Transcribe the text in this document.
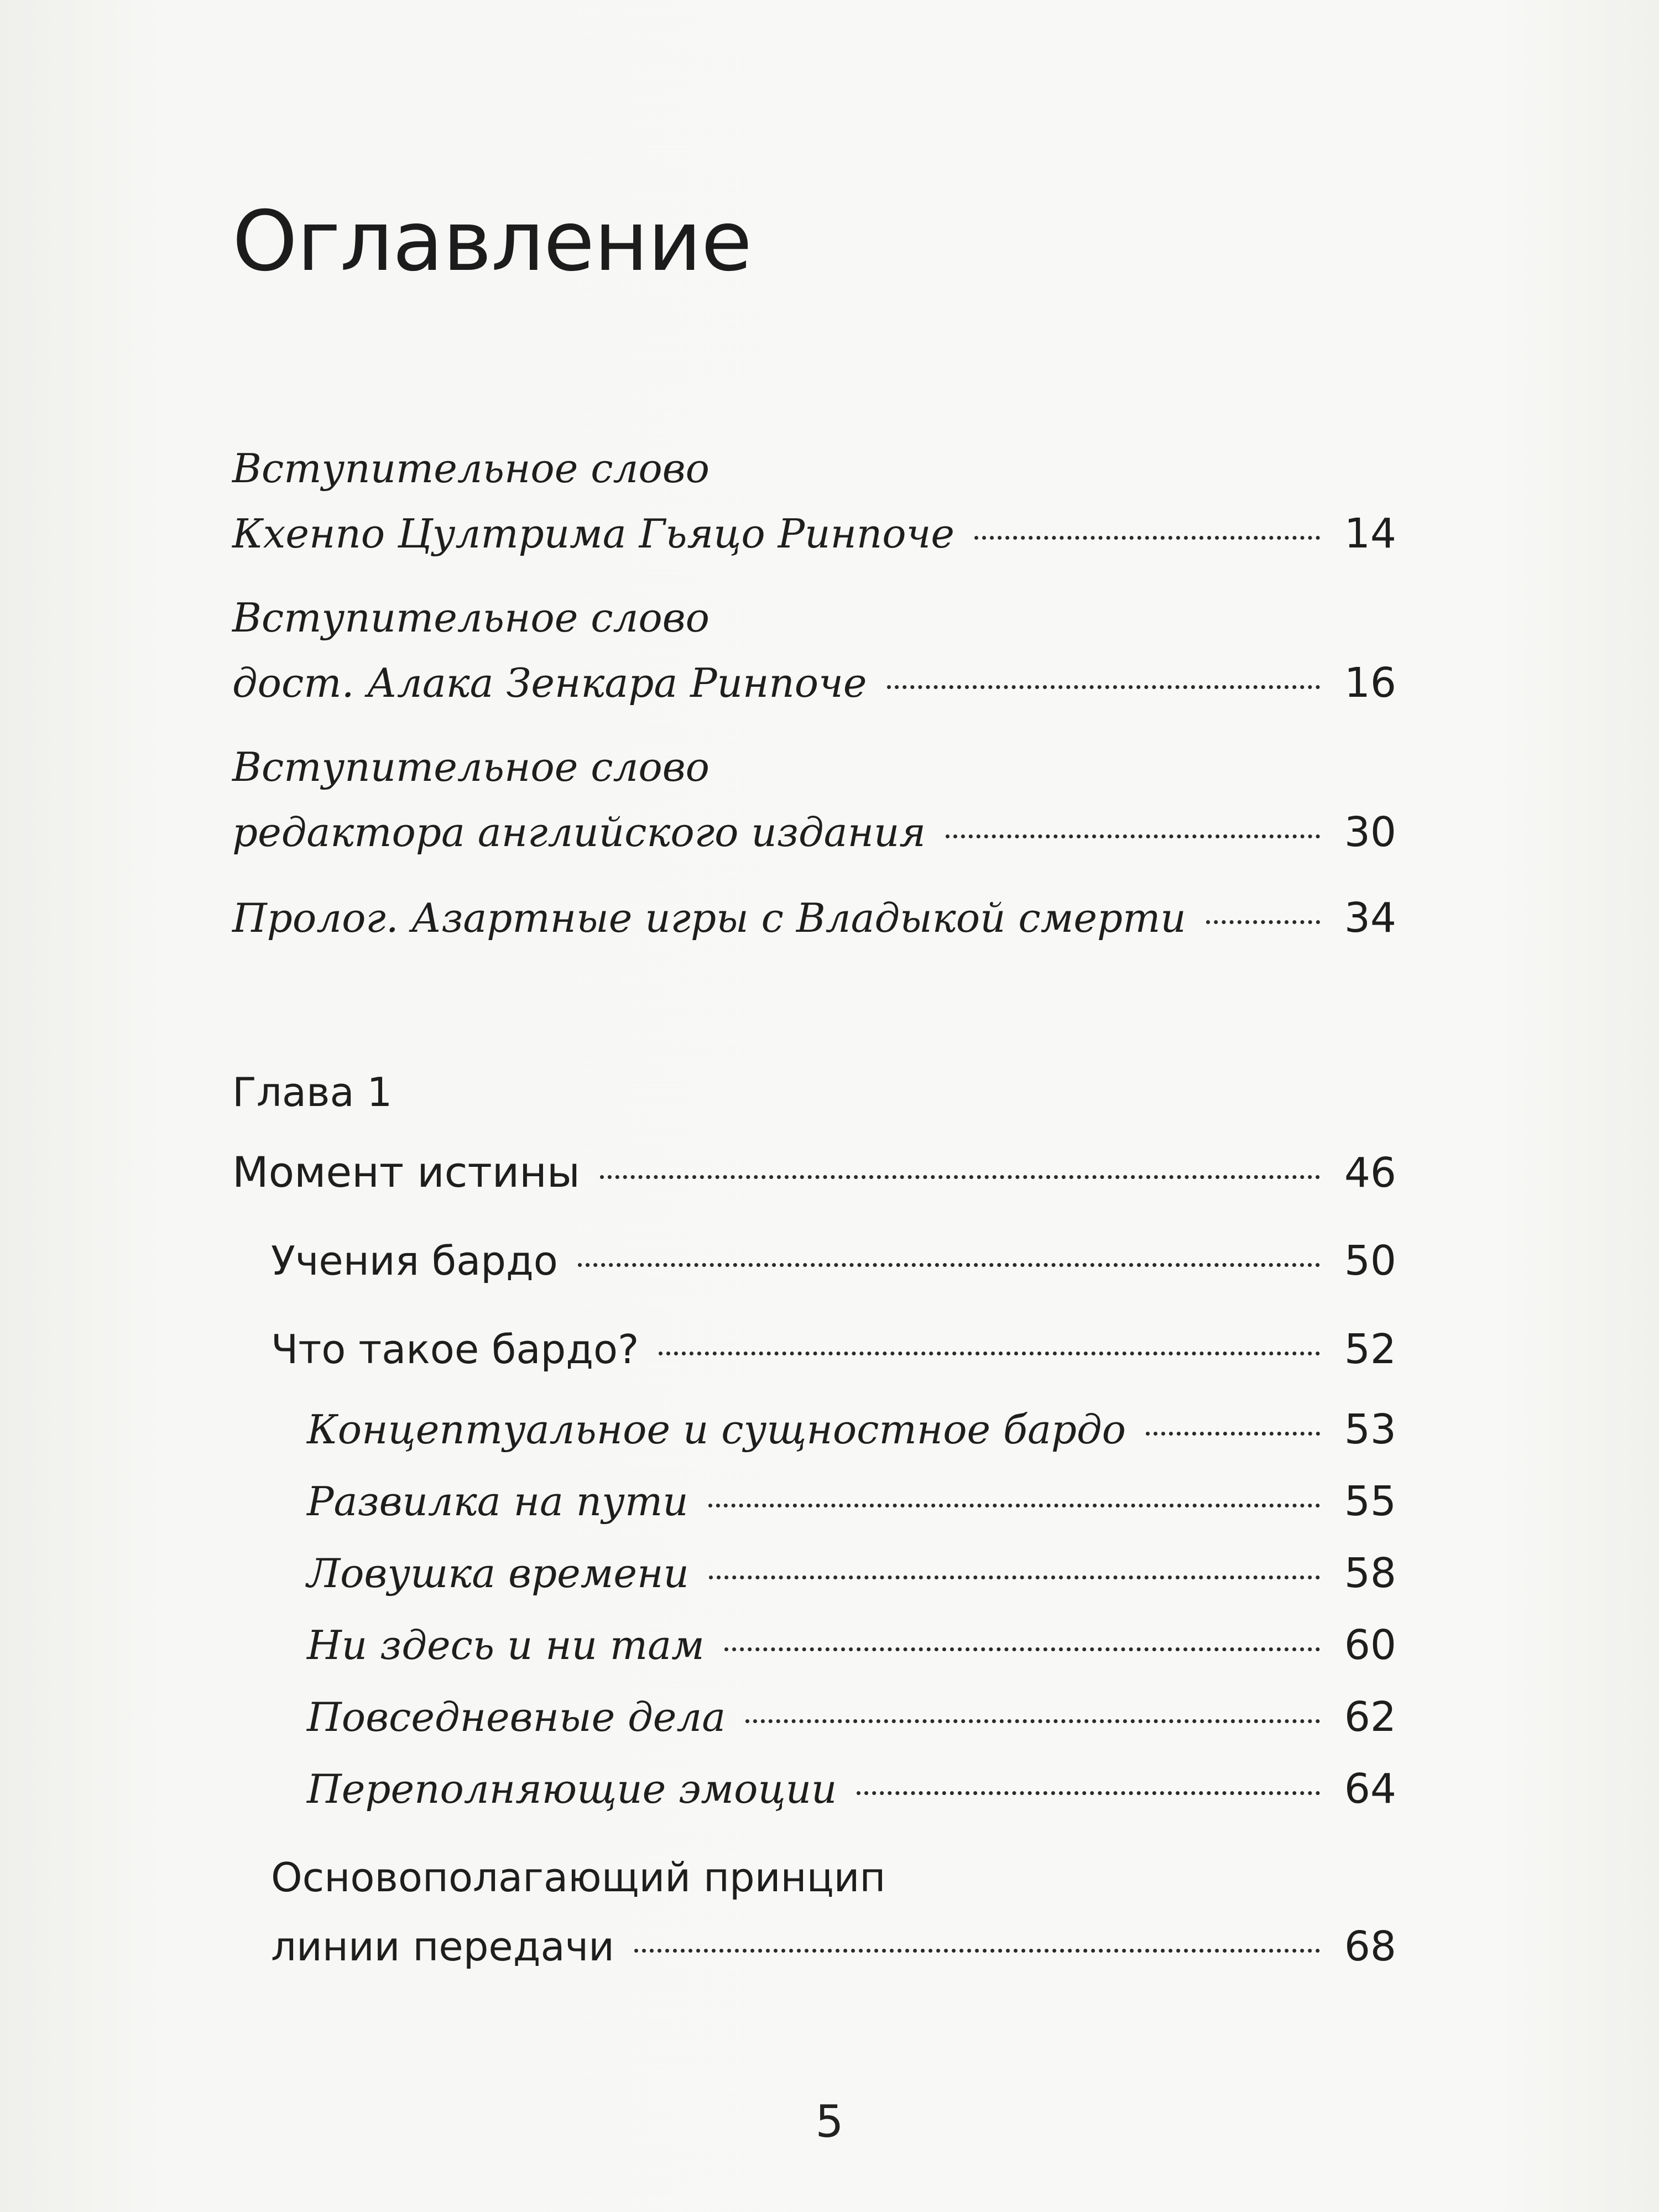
Оглавление
Вступительное слово
Кхенпо Цултрима Гьяцо Ринпоче	14
Вступительное слово
дост. Алака Зенкара Ринпоче	16
Вступительное слово
редактора английского издания	30
Пролог. Азартные игры с Владыкой смерти	34
Глава 1
Момент истины	46
Учения бардо	50
Что такое бардо?	52
Концептуальное и сущностное бардо	53
Развилка на пути	55
Ловушка времени	58
Ни здесь и ни там	60
Повседневные дела	62
Переполняющие эмоции	64
Основополагающий принцип
линии передачи	68
5
